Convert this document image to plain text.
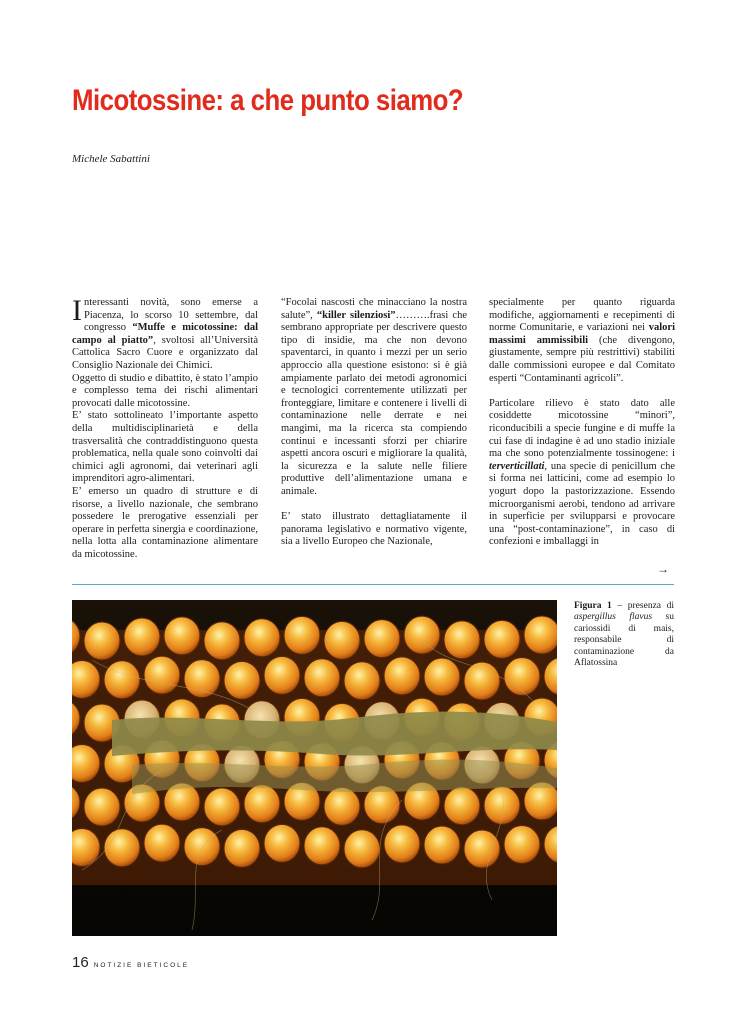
Micotossine: a che punto siamo?
Michele Sabattini

Interessanti novità, sono emerse a Piacenza, lo scorso 10 settembre, dal congresso “Muffe e micotossine: dal campo al piatto”, svoltosi all’Università Cattolica Sacro Cuore e organizzato dal Consiglio Nazionale dei Chimici.

Oggetto di studio e dibattito, è stato l’ampio e complesso tema dei rischi alimentari provocati dalle micotossine.

E’ stato sottolineato l’importante aspetto della multidisciplinarietà e della trasversalità che contraddistinguono questa problematica, nella quale sono coinvolti dai chimici agli agronomi, dai veterinari agli imprenditori agro-alimentari.

E’ emerso un quadro di strutture e di risorse, a livello nazionale, che sembrano possedere le prerogative essenziali per operare in perfetta sinergia e coordinazione, nella lotta alla contaminazione alimentare da micotossine.

“Focolai nascosti che minacciano la nostra salute”, “killer silenziosi”……….frasi che sembrano appropriate per descrivere questo tipo di insidie, ma che non devono spaventarci, in quanto i mezzi per un serio approccio alla questione esistono: si è già ampiamente parlato dei metodi agronomici e tecnologici correntemente utilizzati per fronteggiare, limitare e contenere i livelli di contaminazione nelle derrate e nei mangimi, ma la ricerca sta compiendo continui e incessanti sforzi per chiarire aspetti ancora oscuri e migliorare la qualità, la sicurezza e la salute nelle filiere produttive dell’alimentazione umana e animale.

E’ stato illustrato dettagliatamente il panorama legislativo e normativo vigente, sia a livello Europeo che Nazionale,

specialmente per quanto riguarda modifiche, aggiornamenti e recepimenti di norme Comunitarie, e variazioni nei valori massimi ammissibili (che divengono, giustamente, sempre più restrittivi) stabiliti dalle commissioni europee e dal Comitato esperti “Contaminanti agricoli”.

Particolare rilievo è stato dato alle cosiddette micotossine “minori”, riconducibili a specie fungine e di muffe la cui fase di indagine è ad uno stadio iniziale ma che sono potenzialmente tossinogene: i terverticillati, una specie di penicillum che si forma nei latticini, come ad esempio lo yogurt dopo la pastorizzazione. Essendo microorganismi aerobi, tendono ad arrivare in superficie per svilupparsi e provocare una “post-contaminazione”, in caso di confezioni e imballaggi in

→
Figura 1 – presenza di aspergillus flavus su cariossidi di mais, responsabile di contaminazione da Aflatossina
16 NOTIZIE BIETICOLE
